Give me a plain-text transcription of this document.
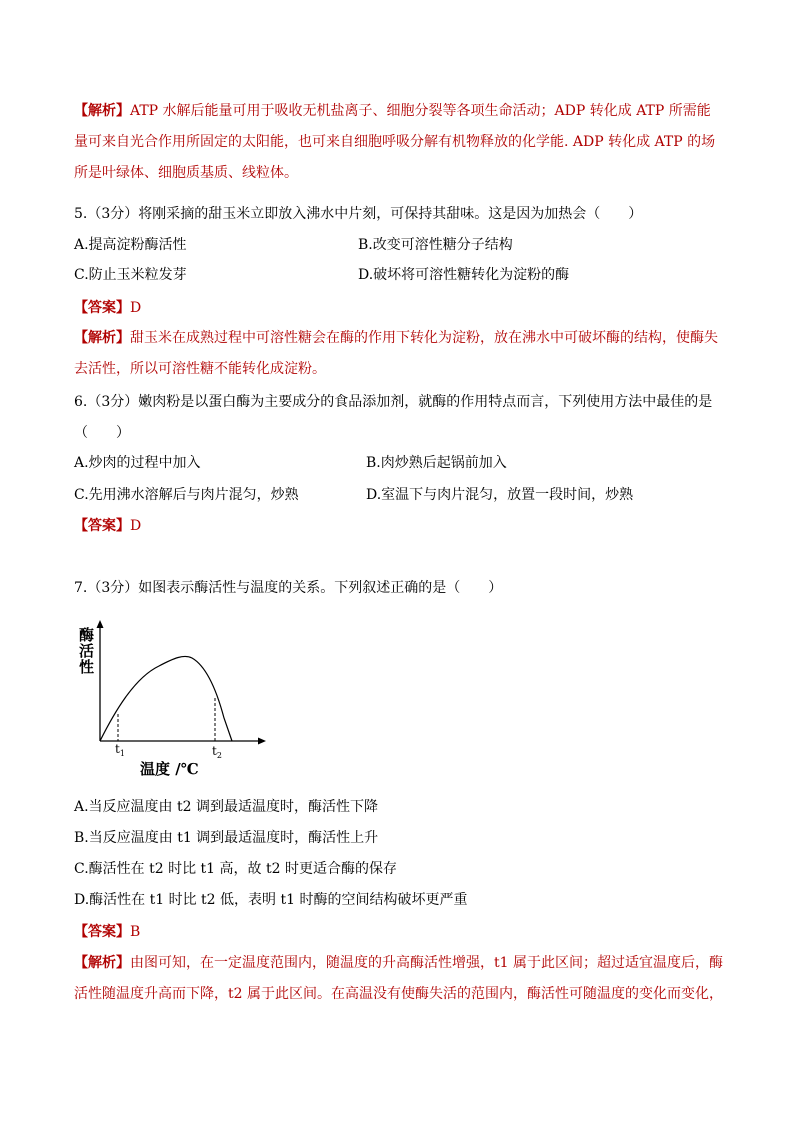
【解析】ATP 水解后能量可用于吸收无机盐离子、细胞分裂等各项生命活动；ADP 转化成 ATP 所需能量可来自光合作用所固定的太阳能，也可来自细胞呼吸分解有机物释放的化学能. ADP 转化成 ATP 的场所是叶绿体、细胞质基质、线粒体。
5.（3分）将刚采摘的甜玉米立即放入沸水中片刻，可保持其甜味。这是因为加热会（　　）
A.提高淀粉酶活性	B.改变可溶性糖分子结构
C.防止玉米粒发芽	D.破坏将可溶性糖转化为淀粉的酶
【答案】D
【解析】甜玉米在成熟过程中可溶性糖会在酶的作用下转化为淀粉，放在沸水中可破坏酶的结构，使酶失去活性，所以可溶性糖不能转化成淀粉。
6.（3分）嫩肉粉是以蛋白酶为主要成分的食品添加剂，就酶的作用特点而言，下列使用方法中最佳的是（　　）
A.炒肉的过程中加入	B.肉炒熟后起锅前加入
C.先用沸水溶解后与肉片混匀，炒熟	D.室温下与肉片混匀，放置一段时间，炒熟
【答案】D
7.（3分）如图表示酶活性与温度的关系。下列叙述正确的是（　　）
酶
活
性
$t_1$	$t_2$
温度 /℃
A.当反应温度由 t2 调到最适温度时，酶活性下降
B.当反应温度由 t1 调到最适温度时，酶活性上升
C.酶活性在 t2 时比 t1 高，故 t2 时更适合酶的保存
D.酶活性在 t1 时比 t2 低，表明 t1 时酶的空间结构破坏更严重
【答案】B
【解析】由图可知，在一定温度范围内，随温度的升高酶活性增强，t1 属于此区间；超过适宜温度后，酶活性随温度升高而下降，t2 属于此区间。在高温没有使酶失活的范围内，酶活性可随温度的变化而变化，
